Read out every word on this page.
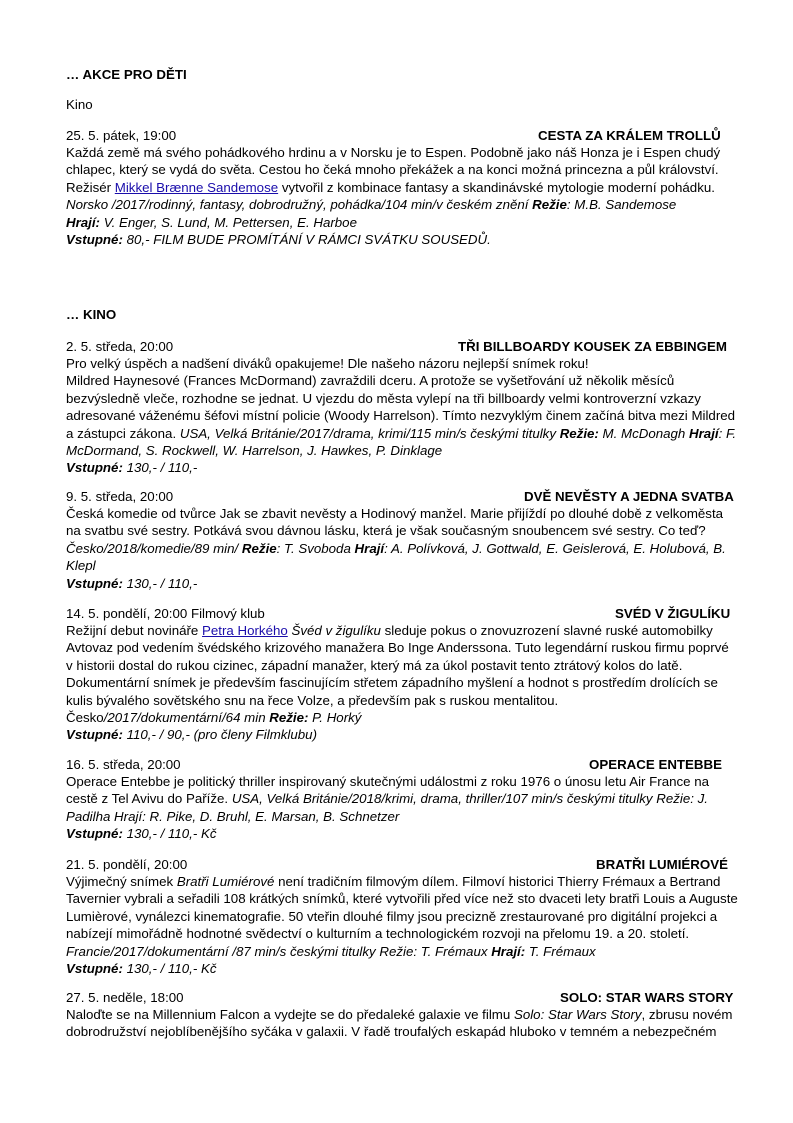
… AKCE PRO DĚTI
Kino
25. 5. pátek, 19:00	CESTA ZA KRÁLEM TROLLŮ

Každá země má svého pohádkového hrdinu a v Norsku je to Espen. Podobně jako náš Honza je i Espen chudý chlapec, který se vydá do světa. Cestou ho čeká mnoho překážek a na konci možná princezna a půl království.

Režisér Mikkel Brænne Sandemose vytvořil z kombinace fantasy a skandinávské mytologie moderní pohádku.

Norsko /2017/rodinný, fantasy, dobrodružný, pohádka/104 min/v českém znění Režie: M.B. Sandemose

Hrají: V. Enger, S. Lund, M. Pettersen, E. Harboe

Vstupné: 80,- FILM BUDE PROMÍTÁNÍ V RÁMCI SVÁTKU SOUSEDŮ.

… KINO
2. 5. středa, 20:00	TŘI BILLBOARDY KOUSEK ZA EBBINGEM

Pro velký úspěch a nadšení diváků opakujeme! Dle našeho názoru nejlepší snímek roku!

Mildred Haynesové (Frances McDormand) zavraždili dceru. A protože se vyšetřování už několik měsíců bezvýsledně vleče, rozhodne se jednat. U vjezdu do města vylepí na tři billboardy velmi kontroverzní vzkazy adresované váženému šéfovi místní policie (Woody Harrelson). Tímto nezvyklým činem začíná bitva mezi Mildred a zástupci zákona. USA, Velká Británie/2017/drama, krimi/115 min/s českými titulky Režie: M. McDonagh Hrají: F. McDormand, S. Rockwell, W. Harrelson, J. Hawkes, P. Dinklage

Vstupné: 130,- / 110,-

9. 5. středa, 20:00	DVĚ NEVĚSTY A JEDNA SVATBA

Česká komedie od tvůrce Jak se zbavit nevěsty a Hodinový manžel. Marie přijíždí po dlouhé době z velkoměsta na svatbu své sestry. Potkává svou dávnou lásku, která je však současným snoubencem své sestry. Co teď?

Česko/2018/komedie/89 min/ Režie: T. Svoboda Hrají: A. Polívková, J. Gottwald, E. Geislerová, E. Holubová, B. Klepl

Vstupné: 130,- / 110,-

14. 5. pondělí, 20:00 Filmový klub	SVÉD V ŽIGULÍKU

Režijní debut novináře Petra Horkého Švéd v žigulíku sleduje pokus o znovuzrození slavné ruské automobilky Avtovaz pod vedením švédského krizového manažera Bo Inge Anderssona. Tuto legendární ruskou firmu poprvé v historii dostal do rukou cizinec, západní manažer, který má za úkol postavit tento ztrátový kolos do latě. Dokumentární snímek je především fascinujícím střetem západního myšlení a hodnot s prostředím drolících se kulis bývalého sovětského snu na řece Volze, a především pak s ruskou mentalitou.

Česko/2017/dokumentární/64 min Režie: P. Horký

Vstupné: 110,- / 90,- (pro členy Filmklubu)

16. 5. středa, 20:00	OPERACE ENTEBBE

Operace Entebbe je politický thriller inspirovaný skutečnými událostmi z roku 1976 o únosu letu Air France na cestě z Tel Avivu do Paříže. USA, Velká Británie/2018/krimi, drama, thriller/107 min/s českými titulky Režie: J. Padilha Hrají: R. Pike, D. Bruhl, E. Marsan, B. Schnetzer

Vstupné: 130,- / 110,- Kč

21. 5. pondělí, 20:00	BRATŘI LUMIÉROVÉ

Výjimečný snímek Bratři Lumiérové není tradičním filmovým dílem. Filmoví historici Thierry Frémaux a Bertrand Tavernier vybrali a seřadili 108 krátkých snímků, které vytvořili před více než sto dvaceti lety bratři Louis a Auguste Lumièrové, vynálezci kinematografie. 50 vteřin dlouhé filmy jsou precizně zrestaurované pro digitální projekci a nabízejí mimořádně hodnotné svědectví o kulturním a technologickém rozvoji na přelomu 19. a 20. století. Francie/2017/dokumentární /87 min/s českými titulky Režie: T. Frémaux Hrají: T. Frémaux

Vstupné: 130,- / 110,- Kč

27. 5. neděle, 18:00	SOLO: STAR WARS STORY

Naloďte se na Millennium Falcon a vydejte se do předaleké galaxie ve filmu Solo: Star Wars Story, zbrusu novém dobrodružství nejoblíbenějšího syčáka v galaxii. V řadě troufalých eskapád hluboko v temném a nebezpečném
